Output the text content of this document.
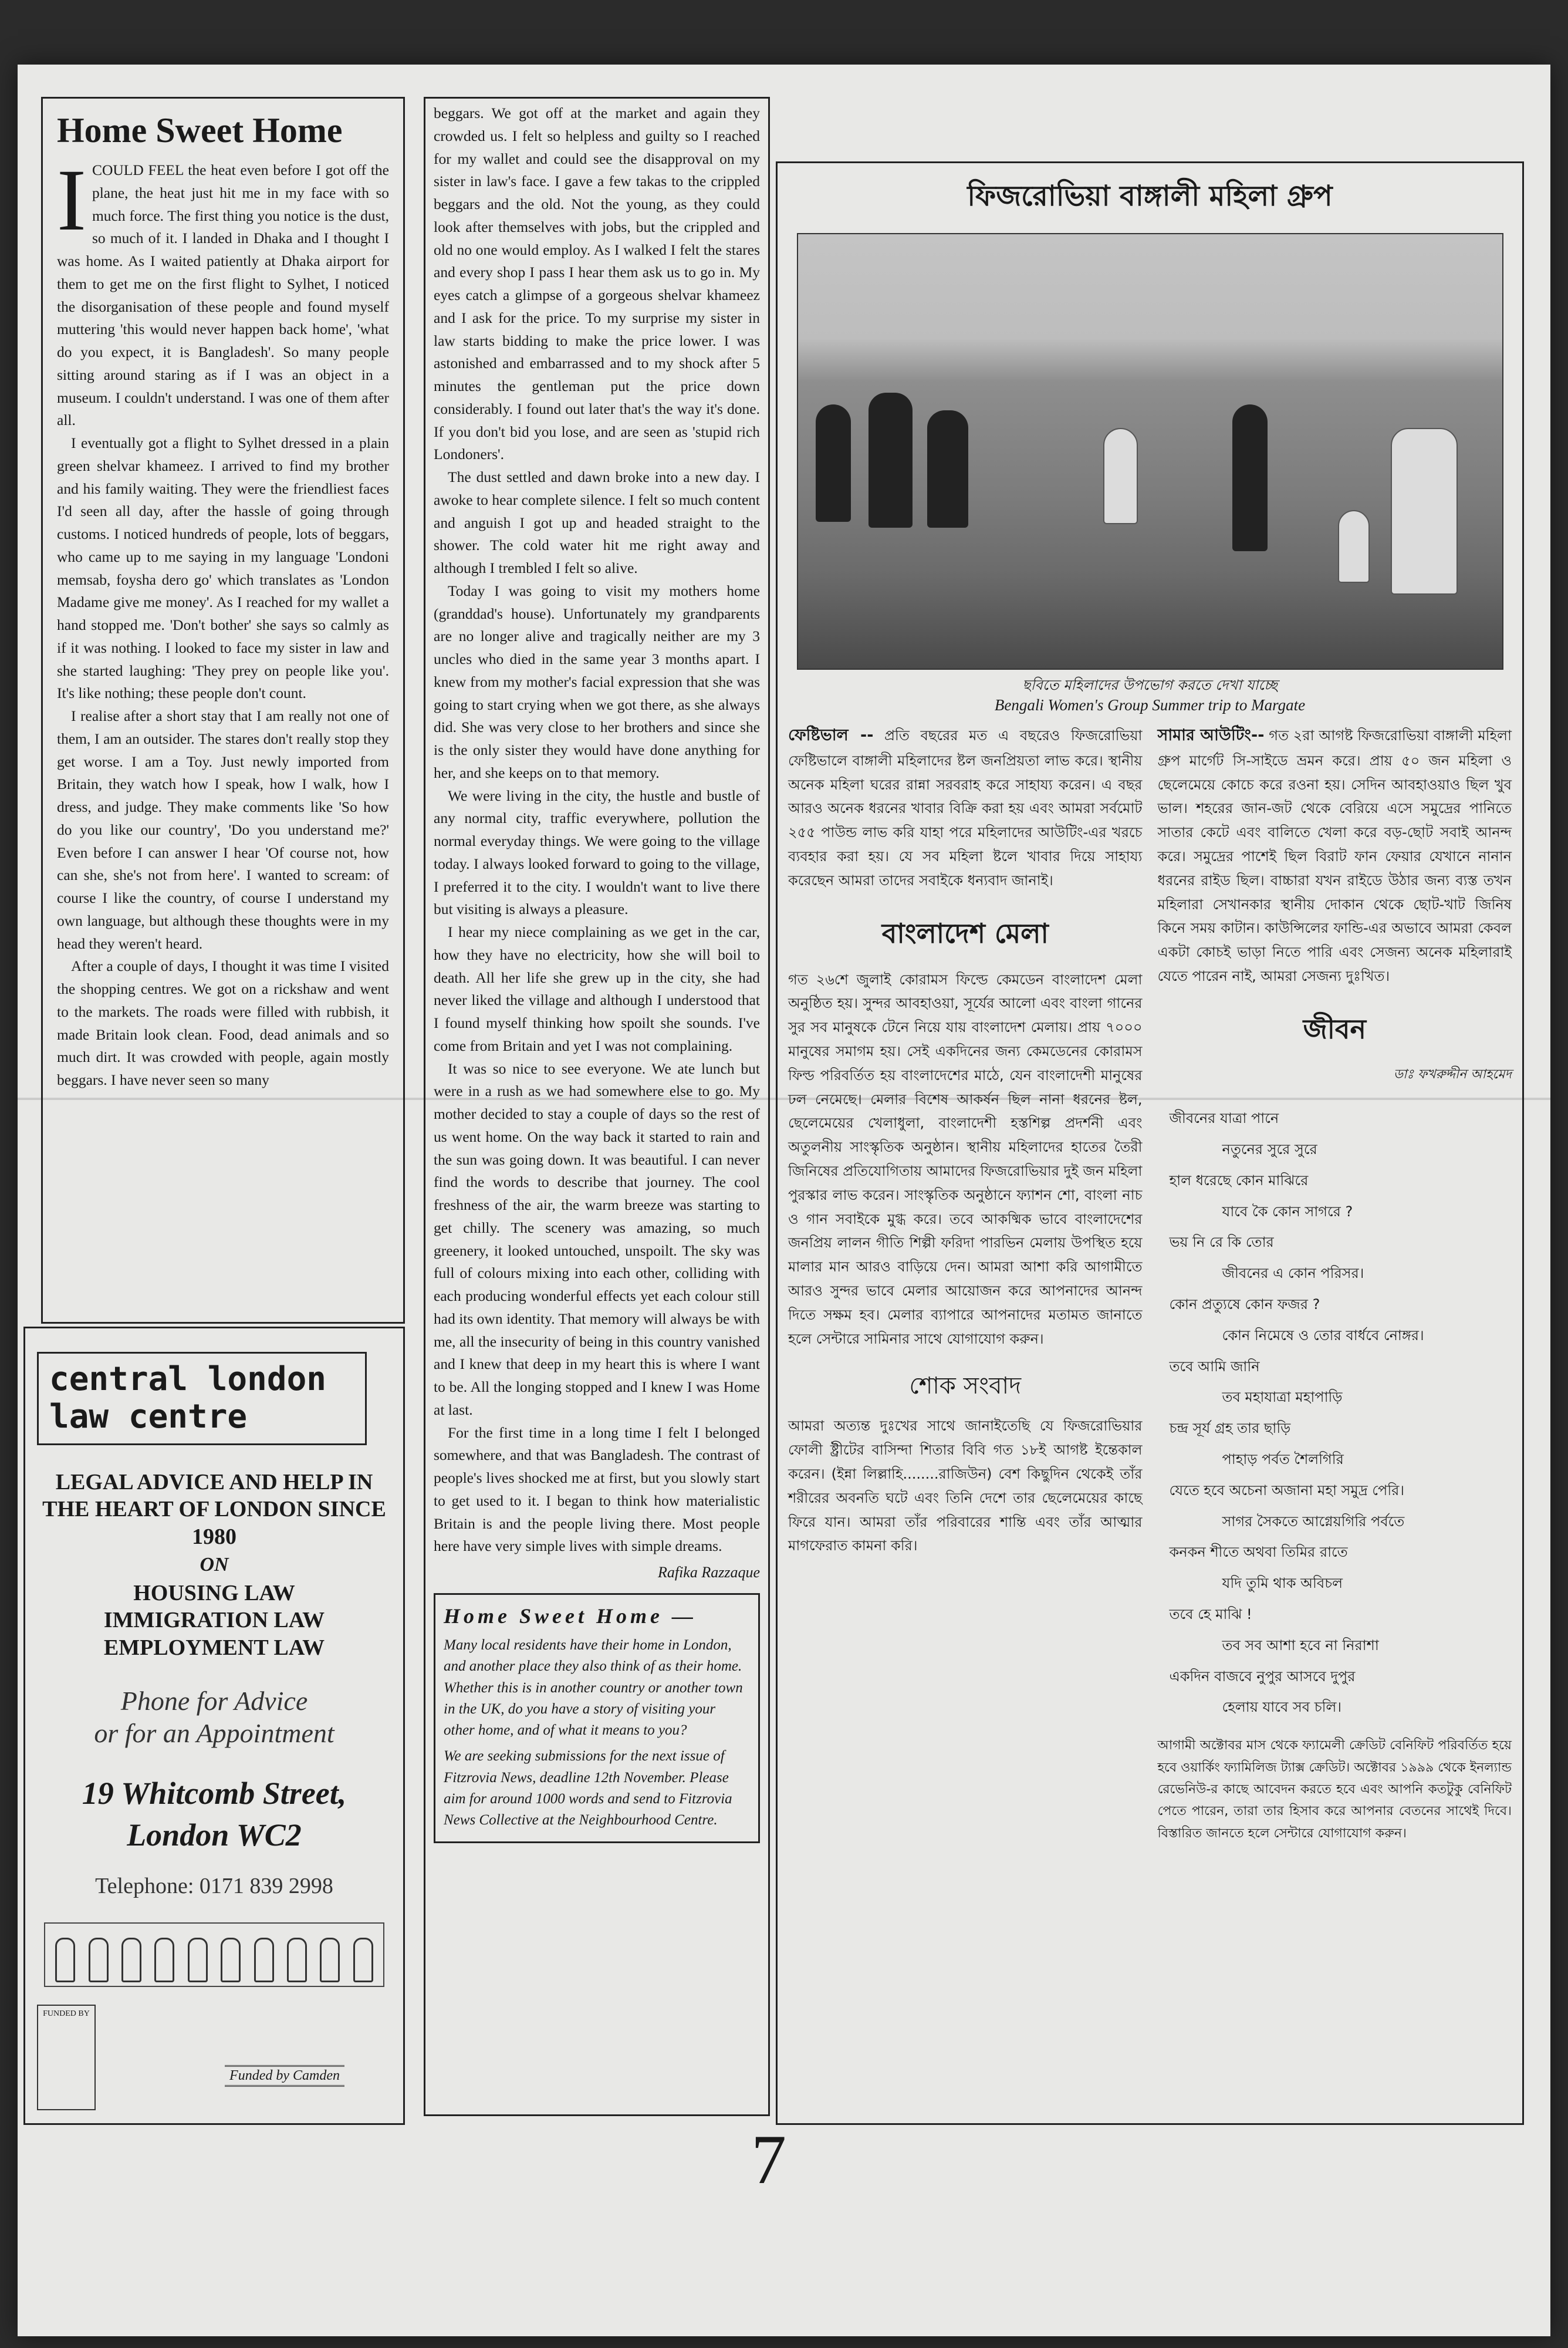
Home Sweet Home
I COULD FEEL the heat even before I got off the plane, the heat just hit me in my face with so much force. The first thing you notice is the dust, so much of it. I landed in Dhaka and I thought I was home. As I waited patiently at Dhaka airport for them to get me on the first flight to Sylhet, I noticed the disorganisation of these people and found myself muttering 'this would never happen back home', 'what do you expect, it is Bangladesh'. So many people sitting around staring as if I was an object in a museum. I couldn't understand. I was one of them after all.

I eventually got a flight to Sylhet dressed in a plain green shelvar khameez. I arrived to find my brother and his family waiting. They were the friendliest faces I'd seen all day, after the hassle of going through customs. I noticed hundreds of people, lots of beggars, who came up to me saying in my language 'Londoni memsab, foysha dero go' which translates as 'London Madame give me money'. As I reached for my wallet a hand stopped me. 'Don't bother' she says so calmly as if it was nothing. I looked to face my sister in law and she started laughing: 'They prey on people like you'. It's like nothing; these people don't count.

I realise after a short stay that I am really not one of them, I am an outsider. The stares don't really stop they get worse. I am a Toy. Just newly imported from Britain, they watch how I speak, how I walk, how I dress, and judge. They make comments like 'So how do you like our country', 'Do you understand me?' Even before I can answer I hear 'Of course not, how can she, she's not from here'. I wanted to scream: of course I like the country, of course I understand my own language, but although these thoughts were in my head they weren't heard.

After a couple of days, I thought it was time I visited the shopping centres. We got on a rickshaw and went to the markets. The roads were filled with rubbish, it made Britain look clean. Food, dead animals and so much dirt. It was crowded with people, again mostly beggars. I have never seen so many

beggars. We got off at the market and again they crowded us. I felt so helpless and guilty so I reached for my wallet and could see the disapproval on my sister in law's face. I gave a few takas to the crippled beggars and the old. Not the young, as they could look after themselves with jobs, but the crippled and old no one would employ. As I walked I felt the stares and every shop I pass I hear them ask us to go in. My eyes catch a glimpse of a gorgeous shelvar khameez and I ask for the price. To my surprise my sister in law starts bidding to make the price lower. I was astonished and embarrassed and to my shock after 5 minutes the gentleman put the price down considerably. I found out later that's the way it's done. If you don't bid you lose, and are seen as 'stupid rich Londoners'.

The dust settled and dawn broke into a new day. I awoke to hear complete silence. I felt so much content and anguish I got up and headed straight to the shower. The cold water hit me right away and although I trembled I felt so alive.

Today I was going to visit my mothers home (granddad's house). Unfortunately my grandparents are no longer alive and tragically neither are my 3 uncles who died in the same year 3 months apart. I knew from my mother's facial expression that she was going to start crying when we got there, as she always did. She was very close to her brothers and since she is the only sister they would have done anything for her, and she keeps on to that memory.

We were living in the city, the hustle and bustle of any normal city, traffic everywhere, pollution the normal everyday things. We were going to the village today. I always looked forward to going to the village, I preferred it to the city. I wouldn't want to live there but visiting is always a pleasure.

I hear my niece complaining as we get in the car, how they have no electricity, how she will boil to death. All her life she grew up in the city, she had never liked the village and although I understood that I found myself thinking how spoilt she sounds. I've come from Britain and yet I was not complaining.

It was so nice to see everyone. We ate lunch but were in a rush as we had somewhere else to go. My mother decided to stay a couple of days so the rest of us went home. On the way back it started to rain and the sun was going down. It was beautiful. I can never find the words to describe that journey. The cool freshness of the air, the warm breeze was starting to get chilly. The scenery was amazing, so much greenery, it looked untouched, unspoilt. The sky was full of colours mixing into each other, colliding with each producing wonderful effects yet each colour still had its own identity. That memory will always be with me, all the insecurity of being in this country vanished and I knew that deep in my heart this is where I want to be. All the longing stopped and I knew I was Home at last.

For the first time in a long time I felt I belonged somewhere, and that was Bangladesh. The contrast of people's lives shocked me at first, but you slowly start to get used to it. I began to think how materialistic Britain is and the people living there. Most people here have very simple lives with simple dreams.

Rafika Razzaque
Home Sweet Home —

Many local residents have their home in London, and another place they also think of as their home. Whether this is in another country or another town in the UK, do you have a story of visiting your other home, and of what it means to you?

We are seeking submissions for the next issue of Fitzrovia News, deadline 12th November. Please aim for around 1000 words and send to Fitzrovia News Collective at the Neighbourhood Centre.

central london
law centre
LEGAL ADVICE AND HELP IN THE HEART OF LONDON SINCE 1980
ON
HOUSING LAW
IMMIGRATION LAW
EMPLOYMENT LAW
Phone for Advice
or for an Appointment
19 Whitcomb Street,
London WC2
Telephone: 0171 839 2998
FUNDED BY
Funded by Camden
ফিজরোভিয়া বাঙ্গালী মহিলা গ্রুপ
ছবিতে মহিলাদের উপভোগ করতে দেখা যাচ্ছে
Bengali Women's Group Summer trip to Margate

ফেষ্টিভাল -- প্রতি বছরের মত এ বছরেও ফিজরোভিয়া ফেষ্টিভালে বাঙ্গালী মহিলাদের ষ্টল জনপ্রিয়তা লাভ করে। স্থানীয় অনেক মহিলা ঘরের রান্না সরবরাহ করে সাহায্য করেন। এ বছর আরও অনেক ধরনের খাবার বিক্রি করা হয় এবং আমরা সর্বমোট ২৫৫ পাউন্ড লাভ করি যাহা পরে মহিলাদের আউটিং-এর খরচে ব্যবহার করা হয়। যে সব মহিলা ষ্টলে খাবার দিয়ে সাহায্য করেছেন আমরা তাদের সবাইকে ধন্যবাদ জানাই।

বাংলাদেশ মেলা

গত ২৬শে জুলাই কোরামস ফিল্ডে কেমডেন বাংলাদেশ মেলা অনুষ্ঠিত হয়। সুন্দর আবহাওয়া, সূর্যের আলো এবং বাংলা গানের সুর সব মানুষকে টেনে নিয়ে যায় বাংলাদেশ মেলায়। প্রায় ৭০০০ মানুষের সমাগম হয়। সেই একদিনের জন্য কেমডেনের কোরামস ফিল্ড পরিবর্তিত হয় বাংলাদেশের মাঠে, যেন বাংলাদেশী মানুষের ঢল নেমেছে। মেলার বিশেষ আকর্ষন ছিল নানা ধরনের ষ্টল, ছেলেমেয়ের খেলাধুলা, বাংলাদেশী হস্তশিল্প প্রদর্শনী এবং অতুলনীয় সাংস্কৃতিক অনুষ্ঠান। স্থানীয় মহিলাদের হাতের তৈরী জিনিষের প্রতিযোগিতায় আমাদের ফিজরোভিয়ার দুই জন মহিলা পুরস্কার লাভ করেন। সাংস্কৃতিক অনুষ্ঠানে ফ্যাশন শো, বাংলা নাচ ও গান সবাইকে মুগ্ধ করে। তবে আকষ্মিক ভাবে বাংলাদেশের জনপ্রিয় লালন গীতি শিল্পী ফরিদা পারভিন মেলায় উপস্থিত হয়ে মালার মান আরও বাড়িয়ে দেন। আমরা আশা করি আগামীতে আরও সুন্দর ভাবে মেলার আয়োজন করে আপনাদের আনন্দ দিতে সক্ষম হব। মেলার ব্যাপারে আপনাদের মতামত জানাতে হলে সেন্টারে সামিনার সাথে যোগাযোগ করুন।

শোক সংবাদ

আমরা অত্যন্ত দুঃখের সাথে জানাইতেছি যে ফিজরোভিয়ার ফোলী ষ্ট্রীটের বাসিন্দা শিতার বিবি গত ১৮ই আগষ্ট ইন্তেকাল করেন। (ইন্না লিল্লাহি........রাজিউন) বেশ কিছুদিন থেকেই তাঁর শরীরের অবনতি ঘটে এবং তিনি দেশে তার ছেলেমেয়ের কাছে ফিরে যান। আমরা তাঁর পরিবারের শান্তি এবং তাঁর আত্মার মাগফেরাত কামনা করি।

সামার আউটিং-- গত ২রা আগষ্ট ফিজরোভিয়া বাঙ্গালী মহিলা গ্রুপ মার্গেট সি-সাইডে ভ্রমন করে। প্রায় ৫০ জন মহিলা ও ছেলেমেয়ে কোচে করে রওনা হয়। সেদিন আবহাওয়াও ছিল খুব ভাল। শহরের জান-জট থেকে বেরিয়ে এসে সমুদ্রের পানিতে সাতার কেটে এবং বালিতে খেলা করে বড়-ছোট সবাই আনন্দ করে। সমুদ্রের পাশেই ছিল বিরাট ফান ফেয়ার যেখানে নানান ধরনের রাইড ছিল। বাচ্চারা যখন রাইডে উঠার জন্য ব্যস্ত তখন মহিলারা সেখানকার স্থানীয় দোকান থেকে ছোট-খাট জিনিষ কিনে সময় কাটান। কাউন্সিলের ফান্ডি-এর অভাবে আমরা কেবল একটা কোচই ভাড়া নিতে পারি এবং সেজন্য অনেক মহিলারাই যেতে পারেন নাই, আমরা সেজন্য দুঃখিত।

জীবন
ডাঃ ফখরুদ্দীন আহমেদ
জীবনের যাত্রা পানে
নতুনের সুরে সুরে
হাল ধরেছে কোন মাঝিরে
যাবে কৈ কোন সাগরে ?
ভয় নি রে কি তোর
জীবনের এ কোন পরিসর।
কোন প্রত্যুষে কোন ফজর ?
কোন নিমেষে ও তোর বার্ধবে নোঙ্গর।
তবে আমি জানি
তব মহাযাত্রা মহাপাড়ি
চন্দ্র সূর্য গ্রহ তার ছাড়ি
পাহাড় পর্বত শৈলগিরি
যেতে হবে অচেনা অজানা মহা সমুদ্র পেরি।
সাগর সৈকতে আগ্নেয়গিরি পর্বতে
কনকন শীতে অথবা তিমির রাতে
যদি তুমি থাক অবিচল
তবে হে মাঝি !
তব সব আশা হবে না নিরাশা
একদিন বাজবে নুপুর আসবে দুপুর
হেলায় যাবে সব চলি।

আগামী অক্টোবর মাস থেকে ফ্যামেলী ক্রেডিট বেনিফিট পরিবর্তিত হয়ে হবে ওয়ার্কিং ফ্যামিলিজ ট্যাক্স ক্রেডিট। অক্টোবর ১৯৯৯ থেকে ইনল্যান্ড রেভেনিউ-র কাছে আবেদন করতে হবে এবং আপনি কতটুকু বেনিফিট পেতে পারেন, তারা তার হিসাব করে আপনার বেতনের সাথেই দিবে। বিস্তারিত জানতে হলে সেন্টারে যোগাযোগ করুন।

7
